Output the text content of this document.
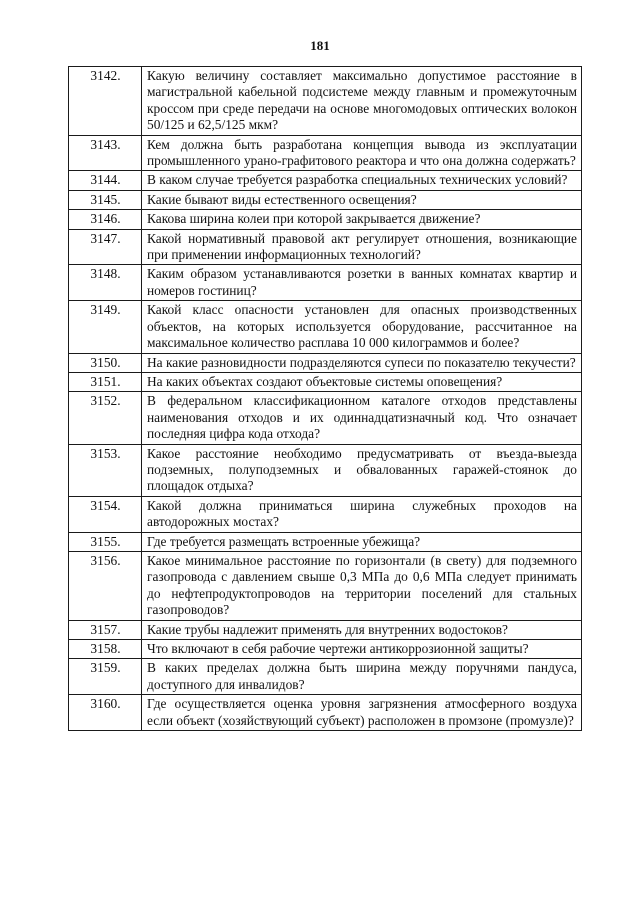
181
3142.	Какую величину составляет максимально допустимое расстояние в магистральной кабельной подсистеме между главным и промежуточным кроссом при среде передачи на основе многомодовых оптических волокон 50/125 и 62,5/125 мкм?
3143.	Кем должна быть разработана концепция вывода из эксплуатации промышленного урано-графитового реактора и что она должна содержать?
3144.	В каком случае требуется разработка специальных технических условий?
3145.	Какие бывают виды естественного освещения?
3146.	Какова ширина колеи при которой закрывается движение?
3147.	Какой нормативный правовой акт регулирует отношения, возникающие при применении информационных технологий?
3148.	Каким образом устанавливаются розетки в ванных комнатах квартир и номеров гостиниц?
3149.	Какой класс опасности установлен для опасных производственных объектов, на которых используется оборудование, рассчитанное на максимальное количество расплава 10 000 килограммов и более?
3150.	На какие разновидности подразделяются супеси по показателю текучести?
3151.	На каких объектах создают объектовые системы оповещения?
3152.	В федеральном классификационном каталоге отходов представлены наименования отходов и их одиннадцатизначный код. Что означает последняя цифра кода отхода?
3153.	Какое расстояние необходимо предусматривать от въезда-выезда подземных, полуподземных и обвалованных гаражей-стоянок до площадок отдыха?
3154.	Какой должна приниматься ширина служебных проходов на автодорожных мостах?
3155.	Где требуется размещать встроенные убежища?
3156.	Какое минимальное расстояние по горизонтали (в свету) для подземного газопровода с давлением свыше 0,3 МПа до 0,6 МПа следует принимать до нефтепродуктопроводов на территории поселений для стальных газопроводов?
3157.	Какие трубы надлежит применять для внутренних водостоков?
3158.	Что включают в себя рабочие чертежи антикоррозионной защиты?
3159.	В каких пределах должна быть ширина между поручнями пандуса, доступного для инвалидов?
3160.	Где осуществляется оценка уровня загрязнения атмосферного воздуха если объект (хозяйствующий субъект) расположен в промзоне (промузле)?
